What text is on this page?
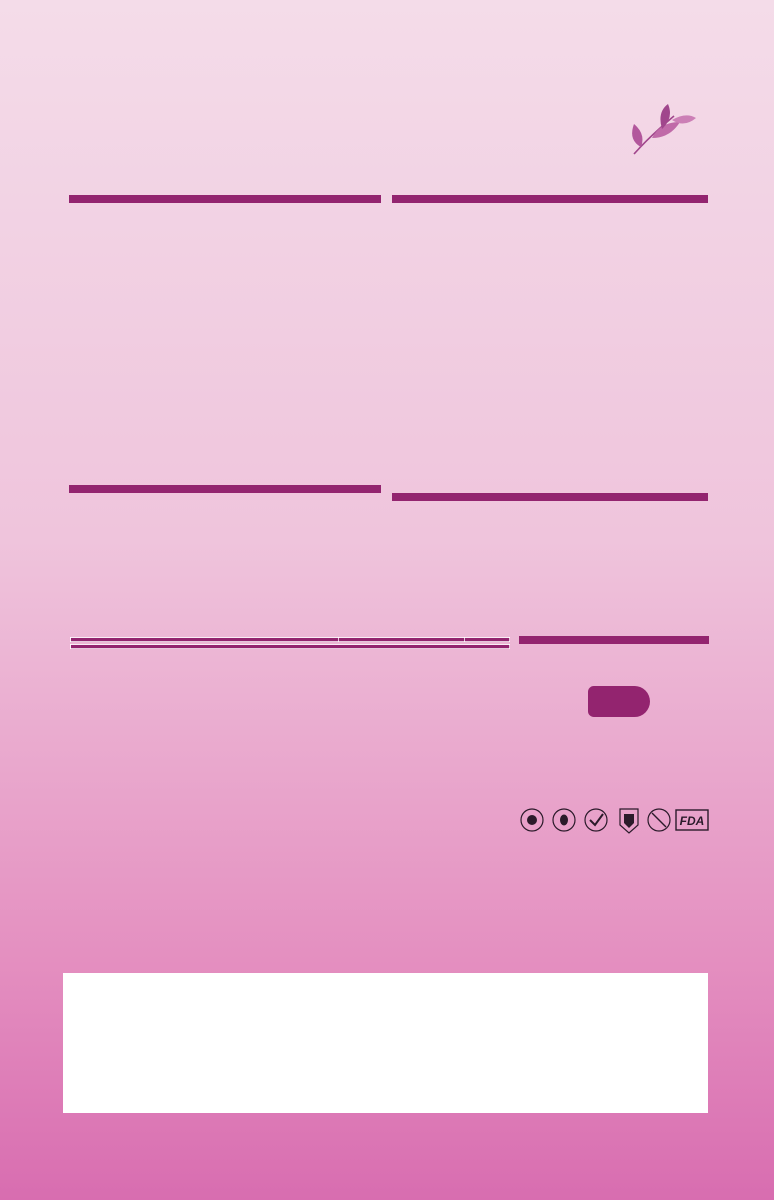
FDA
